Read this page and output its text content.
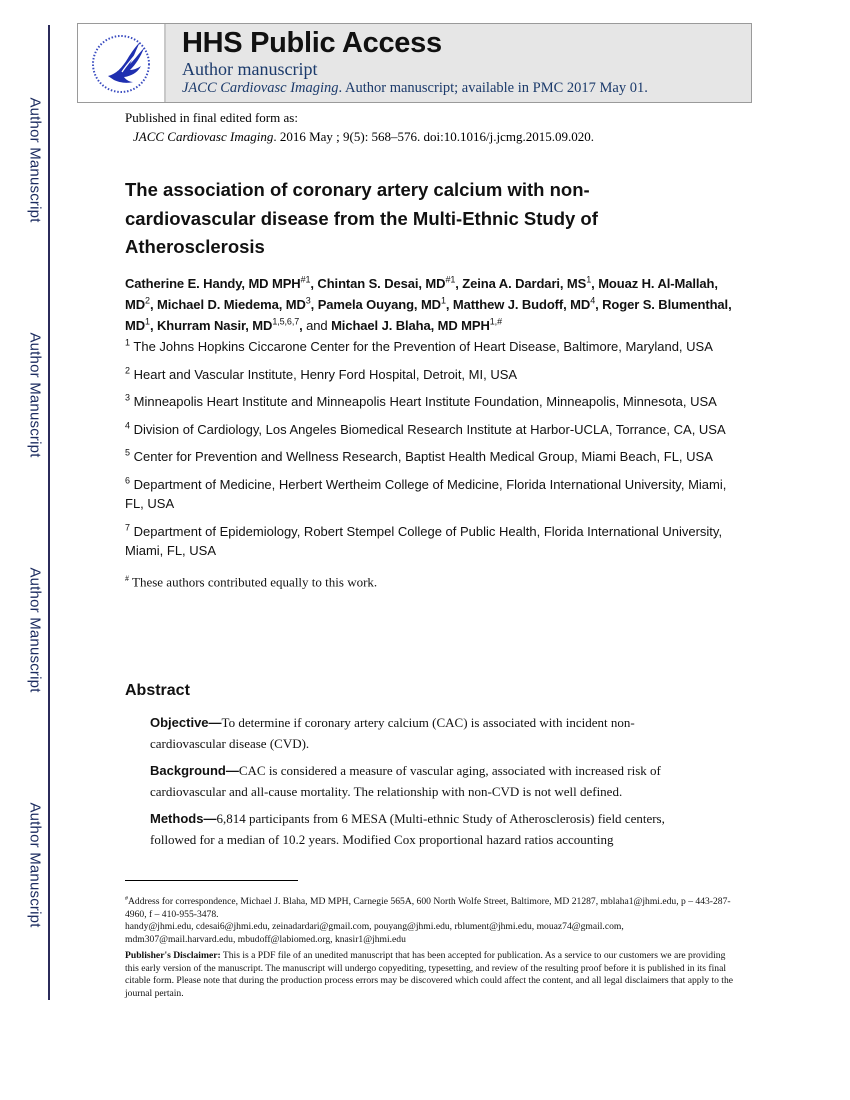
Author Manuscript
Author Manuscript
Author Manuscript
Author Manuscript
HHS Public Access
Author manuscript
JACC Cardiovasc Imaging. Author manuscript; available in PMC 2017 May 01.
Published in final edited form as:
JACC Cardiovasc Imaging. 2016 May ; 9(5): 568–576. doi:10.1016/j.jcmg.2015.09.020.
The association of coronary artery calcium with non-cardiovascular disease from the Multi-Ethnic Study of Atherosclerosis
Catherine E. Handy, MD MPH$^{\#1}$, Chintan S. Desai, MD$^{\#1}$, Zeina A. Dardari, $MS^1$, Mouaz H. Al-Mallah, $MD^2$, Michael D. Miedema, $MD^3$, Pamela Ouyang, $MD^1$, Matthew J. Budoff, $MD^4$, Roger S. Blumenthal, $MD^1$, Khurram Nasir, MD$^{1,5,6,7}$, and Michael J. Blaha, MD $MPH^{1,\#}$
$^1$ The Johns Hopkins Ciccarone Center for the Prevention of Heart Disease, Baltimore, Maryland, USA
$^2$ Heart and Vascular Institute, Henry Ford Hospital, Detroit, MI, USA
$^3$ Minneapolis Heart Institute and Minneapolis Heart Institute Foundation, Minneapolis, Minnesota, USA
$^4$ Division of Cardiology, Los Angeles Biomedical Research Institute at Harbor-UCLA, Torrance, CA, USA
$^5$ Center for Prevention and Wellness Research, Baptist Health Medical Group, Miami Beach, FL, USA
$^6$ Department of Medicine, Herbert Wertheim College of Medicine, Florida International University, Miami, FL, USA
$^7$ Department of Epidemiology, Robert Stempel College of Public Health, Florida International University, Miami, FL, USA
# These authors contributed equally to this work.
Abstract

Objective—To determine if coronary artery calcium (CAC) is associated with incident non-cardiovascular disease (CVD).

Background—CAC is considered a measure of vascular aging, associated with increased risk of cardiovascular and all-cause mortality. The relationship with non-CVD is not well defined.

Methods—6,814 participants from 6 MESA (Multi-ethnic Study of Atherosclerosis) field centers, followed for a median of 10.2 years. Modified Cox proportional hazard ratios accounting

#Address for correspondence, Michael J. Blaha, MD MPH, Carnegie 565A, 600 North Wolfe Street, Baltimore, MD 21287, mblaha1@jhmi.edu, p – 443-287-4960, f – 410-955-3478.

handy@jhmi.edu, cdesai6@jhmi.edu, zeinadardari@gmail.com, pouyang@jhmi.edu, rblument@jhmi.edu, mouaz74@gmail.com, mdm307@mail.harvard.edu, mbudoff@labiomed.org, knasir1@jhmi.edu

Publisher's Disclaimer: This is a PDF file of an unedited manuscript that has been accepted for publication. As a service to our customers we are providing this early version of the manuscript. The manuscript will undergo copyediting, typesetting, and review of the resulting proof before it is published in its final citable form. Please note that during the production process errors may be discovered which could affect the content, and all legal disclaimers that apply to the journal pertain.
